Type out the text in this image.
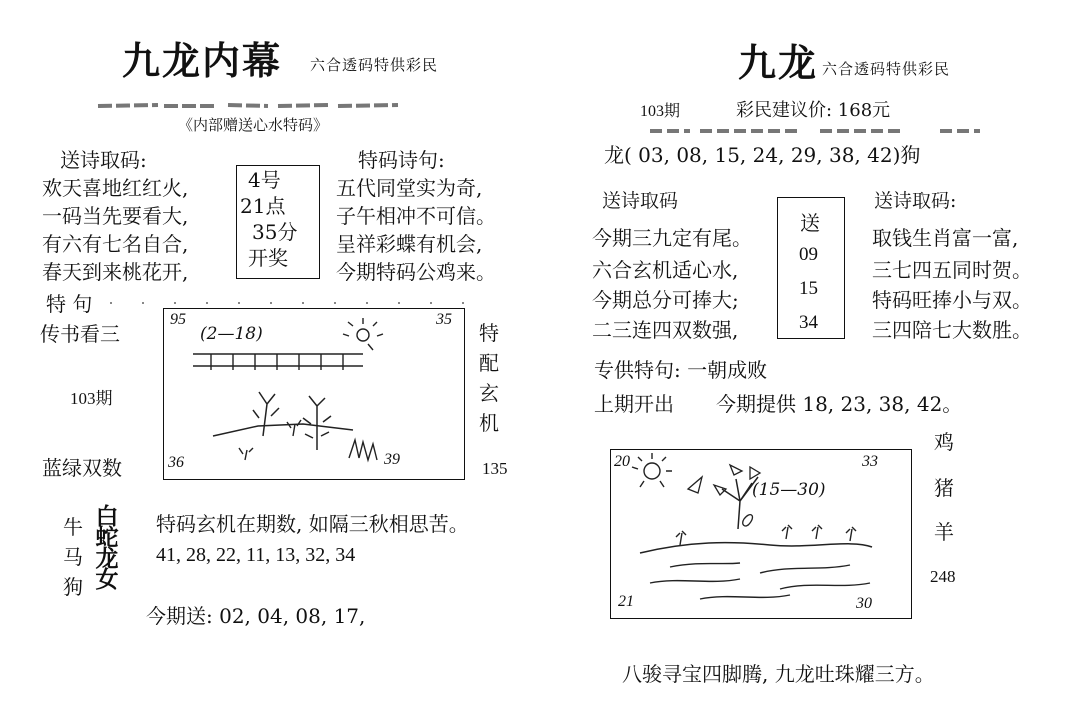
九龙内幕 六合透码特供彩民
《内部赠送心水特码》
送诗取码:
欢天喜地红红火,
一码当先要看大,
有六有七名自合,
春天到来桃花开,
4号
21点
35分
开奖
特码诗句:
五代同堂实为奇,
子午相冲不可信。
呈祥彩蝶有机会,
今期特码公鸡来。
特 句
传书看三
103期
蓝绿双数
95	35
36	39
(2—18)	特
配
玄
机
135
牛
马
狗
白
蛇
龙
女
特码玄机在期数, 如隔三秋相思苦。
41, 28, 22, 11, 13, 32, 34
今期送: 02, 04, 08, 17,
九龙 六合透码特供彩民
103期	彩民建议价: 168元
龙( 03, 08, 15, 24, 29, 38, 42)狗
送诗取码
今期三九定有尾。
六合玄机适心水,
今期总分可捧大;
二三连四双数强,
送
09
15
34
送诗取码:
取钱生肖富一富,
三七四五同时贺。
特码旺捧小与双。
三四陪七大数胜。
专供特句: 一朝成败
上期开出 今期提供 18, 23, 38, 42。
20	33
21	30
(15—30)
鸡
猪
羊
248
八骏寻宝四脚腾, 九龙吐珠耀三方。
